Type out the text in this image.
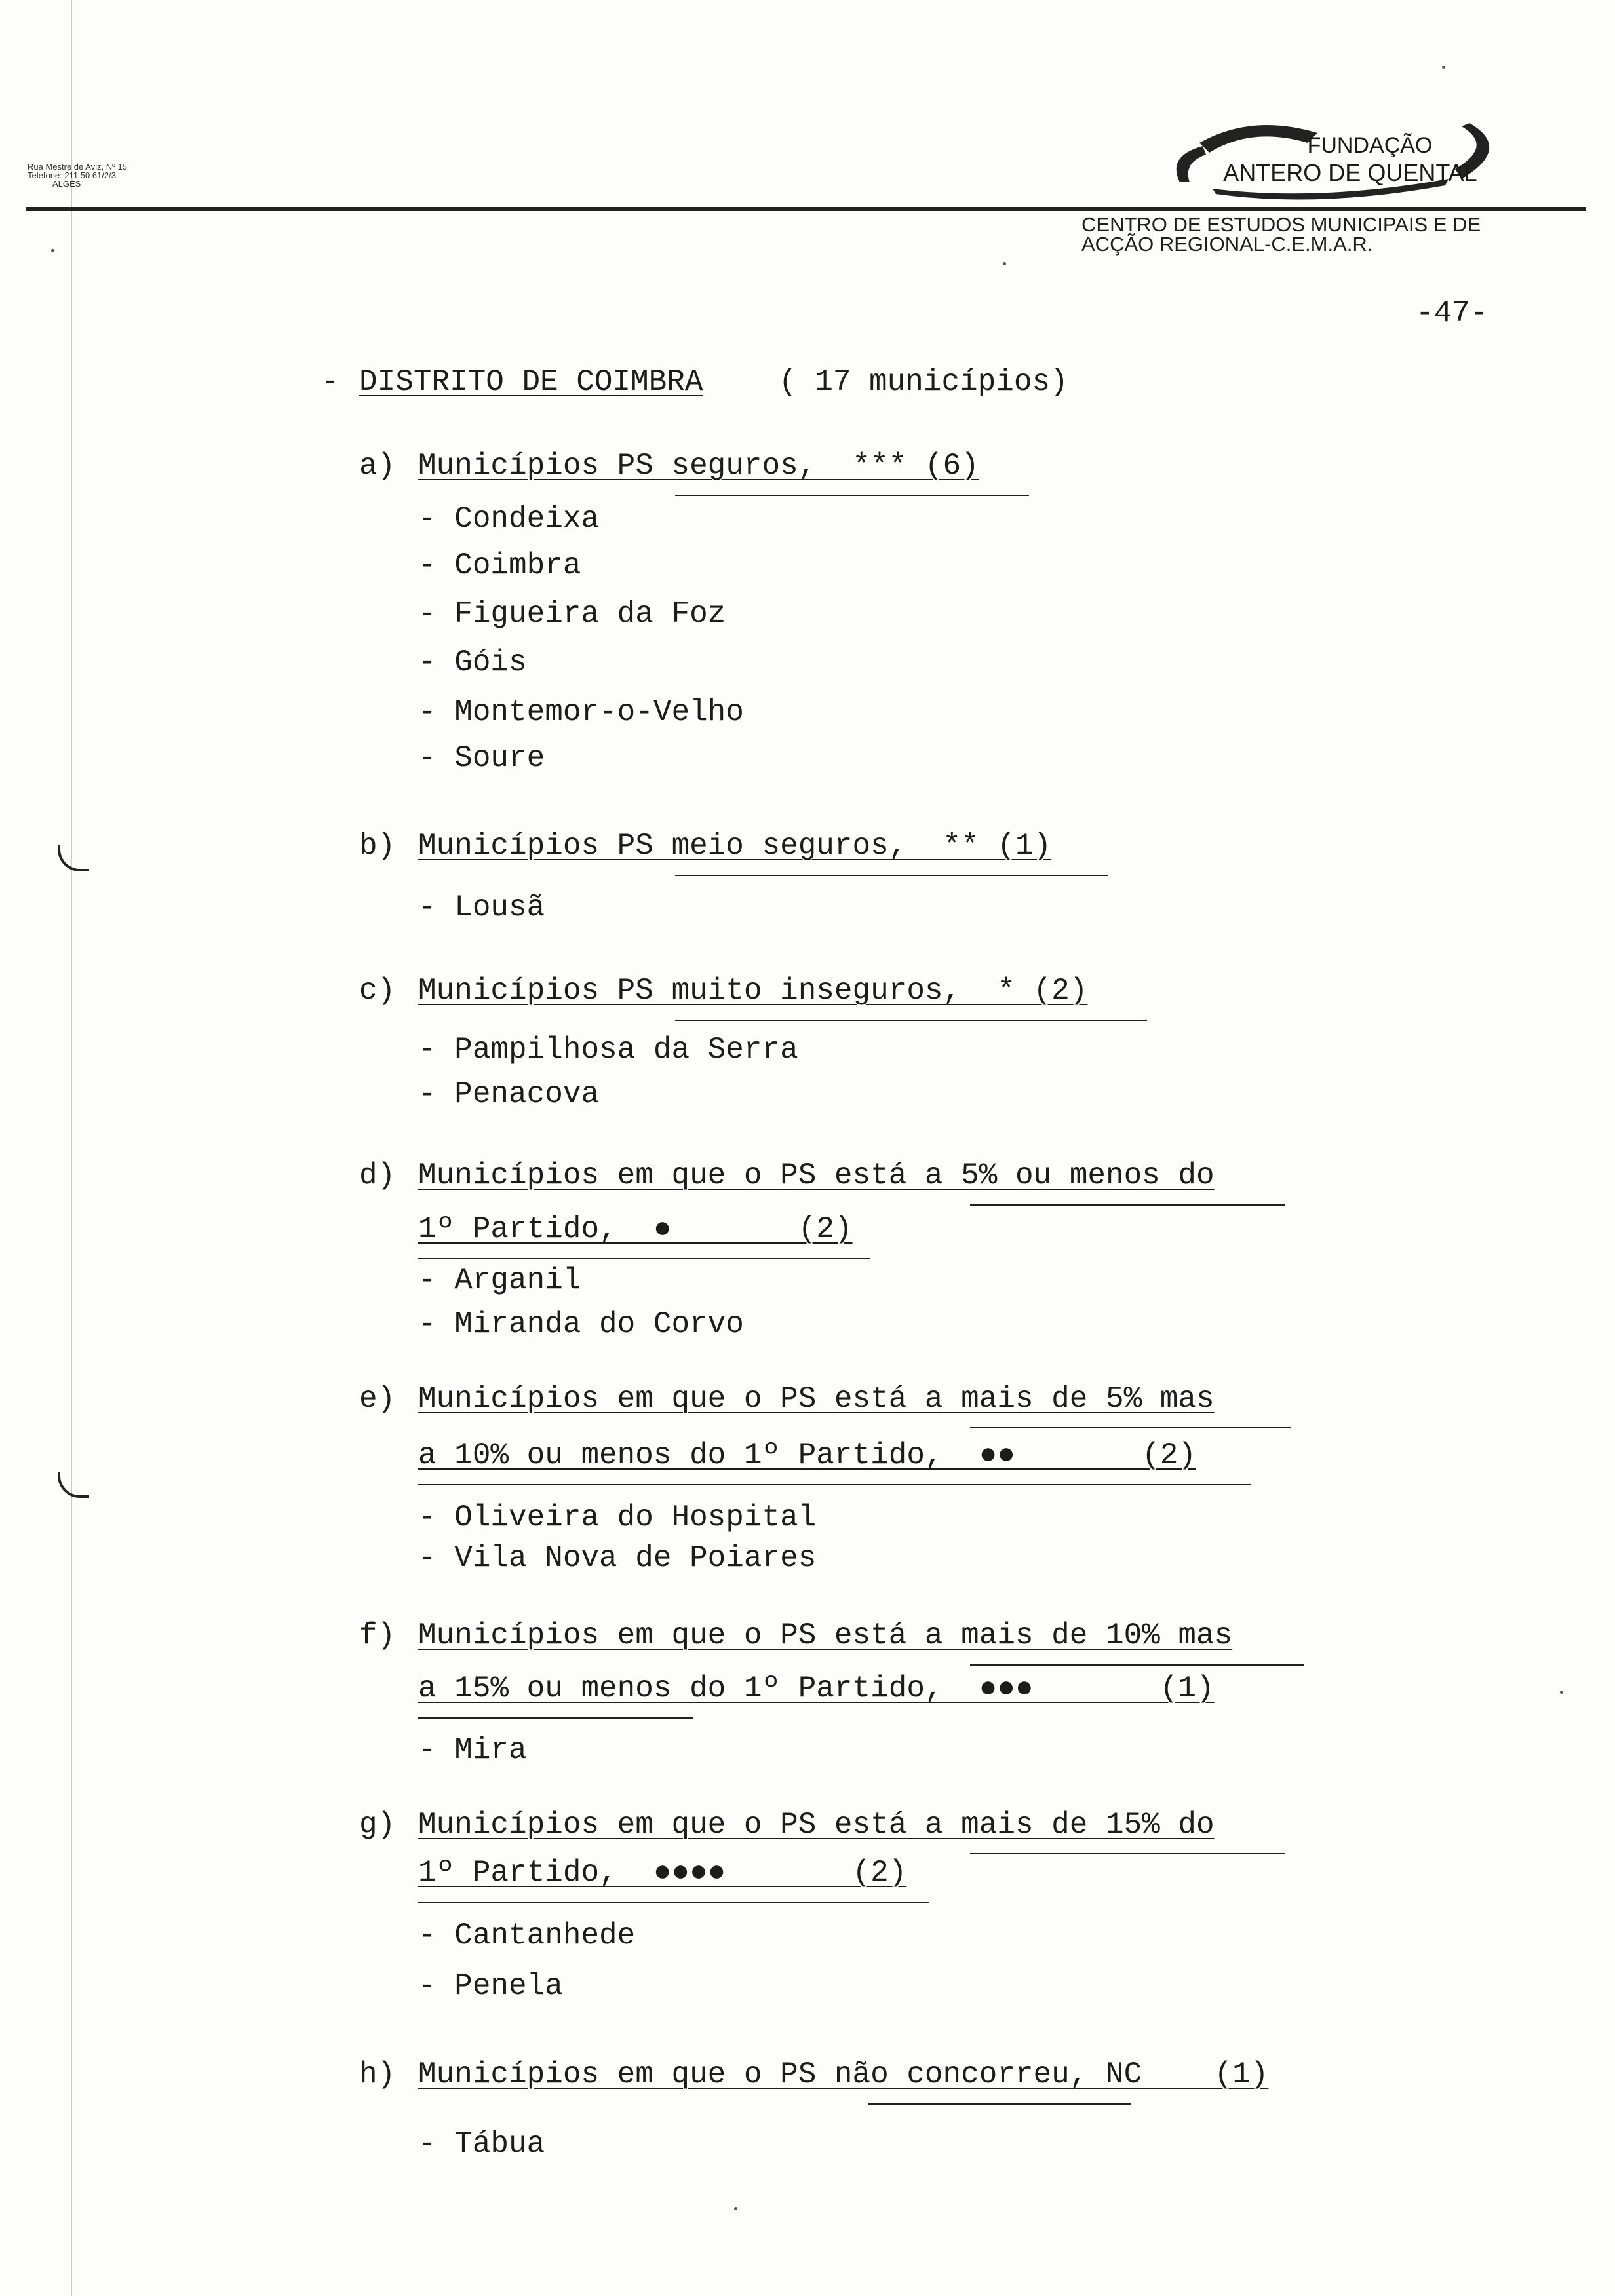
Rua Mestre de Aviz, Nº 15
Telefone: 211 50 61/2/3
ALGÉS
FUNDAÇÃO
ANTERO DE QUENTAL
CENTRO DE ESTUDOS MUNICIPAIS E DE ACÇÃO REGIONAL-C.E.M.A.R.
-47-
- DISTRITO DE COIMBRA	( 17 municípios)
a) Municípios PS seguros,  *** (6)
- Condeixa
- Coimbra
- Figueira da Foz
- Góis
- Montemor-o-Velho
- Soure
b) Municípios PS meio seguros,  ** (1)
- Lousã
c) Municípios PS muito inseguros,  * (2)
- Pampilhosa da Serra
- Penacova
d) Municípios em que o PS está a 5% ou menos do
1º Partido,  ●       (2)
- Arganil
- Miranda do Corvo
e) Municípios em que o PS está a mais de 5% mas
a 10% ou menos do 1º Partido,  ●●       (2)
- Oliveira do Hospital
- Vila Nova de Poiares
f) Municípios em que o PS está a mais de 10% mas
a 15% ou menos do 1º Partido,  ●●●       (1)
- Mira
g) Municípios em que o PS está a mais de 15% do
1º Partido,  ●●●●       (2)
- Cantanhede
- Penela
h) Municípios em que o PS não concorreu, NC    (1)
- Tábua
